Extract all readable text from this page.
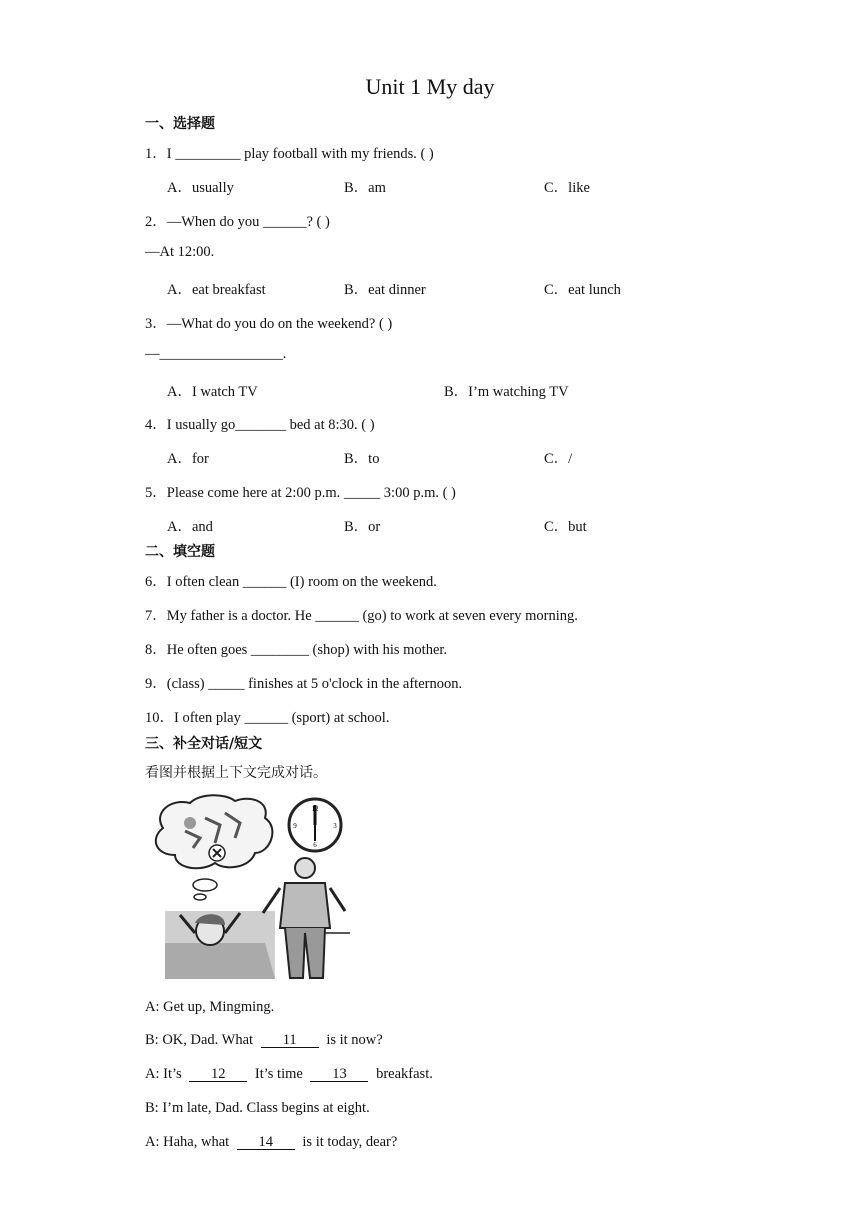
Unit 1 My day
一、选择题
1．I _________ play football with my friends. ( )
A．usually	B．am	C．like
2．—When do you ______? ( )
—At 12:00.
A．eat breakfast	B．eat dinner	C．eat lunch
3．—What do you do on the weekend? ( )
—_________________.
A．I watch TV	B．I’m watching TV
4．I usually go_______ bed at 8:30. ( )
A．for	B．to	C．/
5．Please come here at 2:00 p.m. _____ 3:00 p.m. ( )
A．and	B．or	C．but
二、填空题
6．I often clean ______ (I) room on the weekend.
7．My father is a doctor. He ______ (go) to work at seven every morning.
8．He often goes ________ (shop) with his mother.
9．(class) _____ finishes at 5 o'clock in the afternoon.
10．I often play ______ (sport) at school.
三、补全对话/短文
看图并根据上下文完成对话。
12
3
6
9
A: Get up, Mingming.
B: OK, Dad. What 11 is it now?
A: It’s 12 It’s time 13 breakfast.
B: I’m late, Dad. Class begins at eight.
A: Haha, what 14 is it today, dear?
